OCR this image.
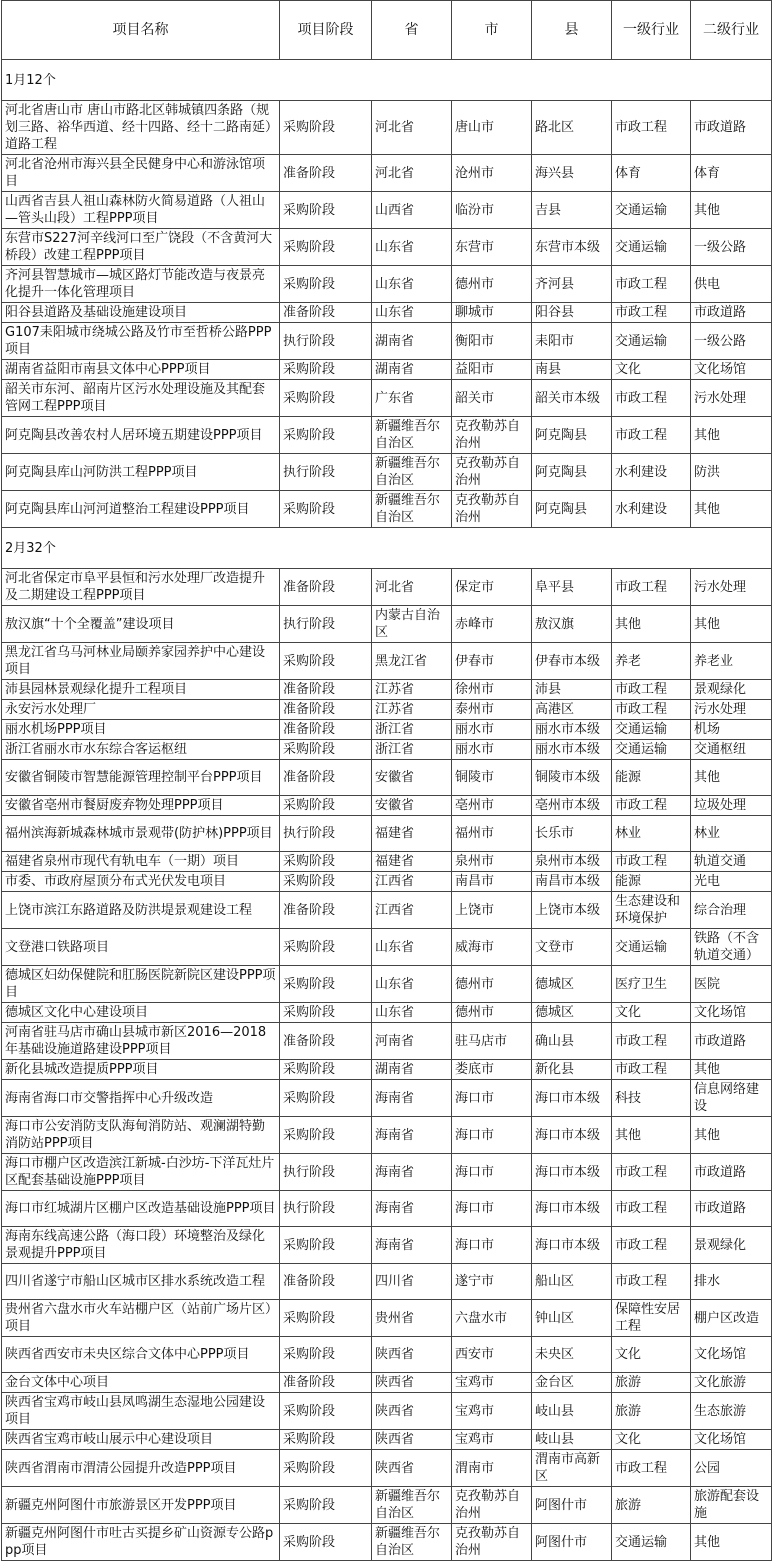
项目名称	项目阶段	省	市	县	一级行业	二级行业
1月12个						
河北省唐山市 唐山市路北区韩城镇四条路（规划三路、裕华西道、经十四路、经十二路南延）道路工程	采购阶段	河北省	唐山市	路北区	市政工程	市政道路
河北省沧州市海兴县全民健身中心和游泳馆项目	准备阶段	河北省	沧州市	海兴县	体育	体育
山西省吉县人祖山森林防火简易道路（人祖山—管头山段）工程PPP项目	采购阶段	山西省	临汾市	吉县	交通运输	其他
东营市S227河辛线河口至广饶段（不含黄河大桥段）改建工程PPP项目	采购阶段	山东省	东营市	东营市本级	交通运输	一级公路
齐河县智慧城市—城区路灯节能改造与夜景亮化提升一体化管理项目	采购阶段	山东省	德州市	齐河县	市政工程	供电
阳谷县道路及基础设施建设项目	准备阶段	山东省	聊城市	阳谷县	市政工程	市政道路
G107耒阳城市绕城公路及竹市至哲桥公路PPP项目	执行阶段	湖南省	衡阳市	耒阳市	交通运输	一级公路
湖南省益阳市南县文体中心PPP项目	采购阶段	湖南省	益阳市	南县	文化	文化场馆
韶关市东河、韶南片区污水处理设施及其配套管网工程PPP项目	采购阶段	广东省	韶关市	韶关市本级	市政工程	污水处理
阿克陶县改善农村人居环境五期建设PPP项目	采购阶段	新疆维吾尔自治区	克孜勒苏自治州	阿克陶县	市政工程	其他
阿克陶县库山河防洪工程PPP项目	执行阶段	新疆维吾尔自治区	克孜勒苏自治州	阿克陶县	水利建设	防洪
阿克陶县库山河河道整治工程建设PPP项目	采购阶段	新疆维吾尔自治区	克孜勒苏自治州	阿克陶县	水利建设	其他
2月32个						
河北省保定市阜平县恒和污水处理厂改造提升及二期建设工程PPP项目	准备阶段	河北省	保定市	阜平县	市政工程	污水处理
敖汉旗“十个全覆盖”建设项目	执行阶段	内蒙古自治区	赤峰市	敖汉旗	其他	其他
黑龙江省乌马河林业局颐养家园养护中心建设项目	采购阶段	黑龙江省	伊春市	伊春市本级	养老	养老业
沛县园林景观绿化提升工程项目	准备阶段	江苏省	徐州市	沛县	市政工程	景观绿化
永安污水处理厂	准备阶段	江苏省	泰州市	高港区	市政工程	污水处理
丽水机场PPP项目	准备阶段	浙江省	丽水市	丽水市本级	交通运输	机场
浙江省丽水市水东综合客运枢纽	采购阶段	浙江省	丽水市	丽水市本级	交通运输	交通枢纽
安徽省铜陵市智慧能源管理控制平台PPP项目	准备阶段	安徽省	铜陵市	铜陵市本级	能源	其他
安徽省亳州市餐厨废弃物处理PPP项目	采购阶段	安徽省	亳州市	亳州市本级	市政工程	垃圾处理
福州滨海新城森林城市景观带(防护林)PPP项目	执行阶段	福建省	福州市	长乐市	林业	林业
福建省泉州市现代有轨电车（一期）项目	采购阶段	福建省	泉州市	泉州市本级	市政工程	轨道交通
市委、市政府屋顶分布式光伏发电项目	采购阶段	江西省	南昌市	南昌市本级	能源	光电
上饶市滨江东路道路及防洪堤景观建设工程	准备阶段	江西省	上饶市	上饶市本级	生态建设和环境保护	综合治理
文登港口铁路项目	采购阶段	山东省	威海市	文登市	交通运输	铁路（不含轨道交通）
德城区妇幼保健院和肛肠医院新院区建设PPP项目	采购阶段	山东省	德州市	德城区	医疗卫生	医院
德城区文化中心建设项目	采购阶段	山东省	德州市	德城区	文化	文化场馆
河南省驻马店市确山县城市新区2016—2018年基础设施道路建设PPP项目	准备阶段	河南省	驻马店市	确山县	市政工程	市政道路
新化县城改造提质PPP项目	采购阶段	湖南省	娄底市	新化县	市政工程	其他
海南省海口市交警指挥中心升级改造	采购阶段	海南省	海口市	海口市本级	科技	信息网络建设
海口市公安消防支队海甸消防站、观澜湖特勤消防站PPP项目	采购阶段	海南省	海口市	海口市本级	其他	其他
海口市棚户区改造滨江新城-白沙坊-下洋瓦灶片区配套基础设施PPP项目	执行阶段	海南省	海口市	海口市本级	市政工程	市政道路
海口市红城湖片区棚户区改造基础设施PPP项目	执行阶段	海南省	海口市	海口市本级	市政工程	市政道路
海南东线高速公路（海口段）环境整治及绿化景观提升PPP项目	采购阶段	海南省	海口市	海口市本级	市政工程	景观绿化
四川省遂宁市船山区城市区排水系统改造工程	准备阶段	四川省	遂宁市	船山区	市政工程	排水
贵州省六盘水市火车站棚户区（站前广场片区）项目	采购阶段	贵州省	六盘水市	钟山区	保障性安居工程	棚户区改造
陕西省西安市未央区综合文体中心PPP项目	采购阶段	陕西省	西安市	未央区	文化	文化场馆
金台文体中心项目	准备阶段	陕西省	宝鸡市	金台区	旅游	文化旅游
陕西省宝鸡市岐山县凤鸣湖生态湿地公园建设项目	采购阶段	陕西省	宝鸡市	岐山县	旅游	生态旅游
陕西省宝鸡市岐山展示中心建设项目	采购阶段	陕西省	宝鸡市	岐山县	文化	文化场馆
陕西省渭南市渭清公园提升改造PPP项目	采购阶段	陕西省	渭南市	渭南市高新区	市政工程	公园
新疆克州阿图什市旅游景区开发PPP项目	采购阶段	新疆维吾尔自治区	克孜勒苏自治州	阿图什市	旅游	旅游配套设施
新疆克州阿图什市吐古买提乡矿山资源专公路ppp项目	采购阶段	新疆维吾尔自治区	克孜勒苏自治州	阿图什市	交通运输	其他
